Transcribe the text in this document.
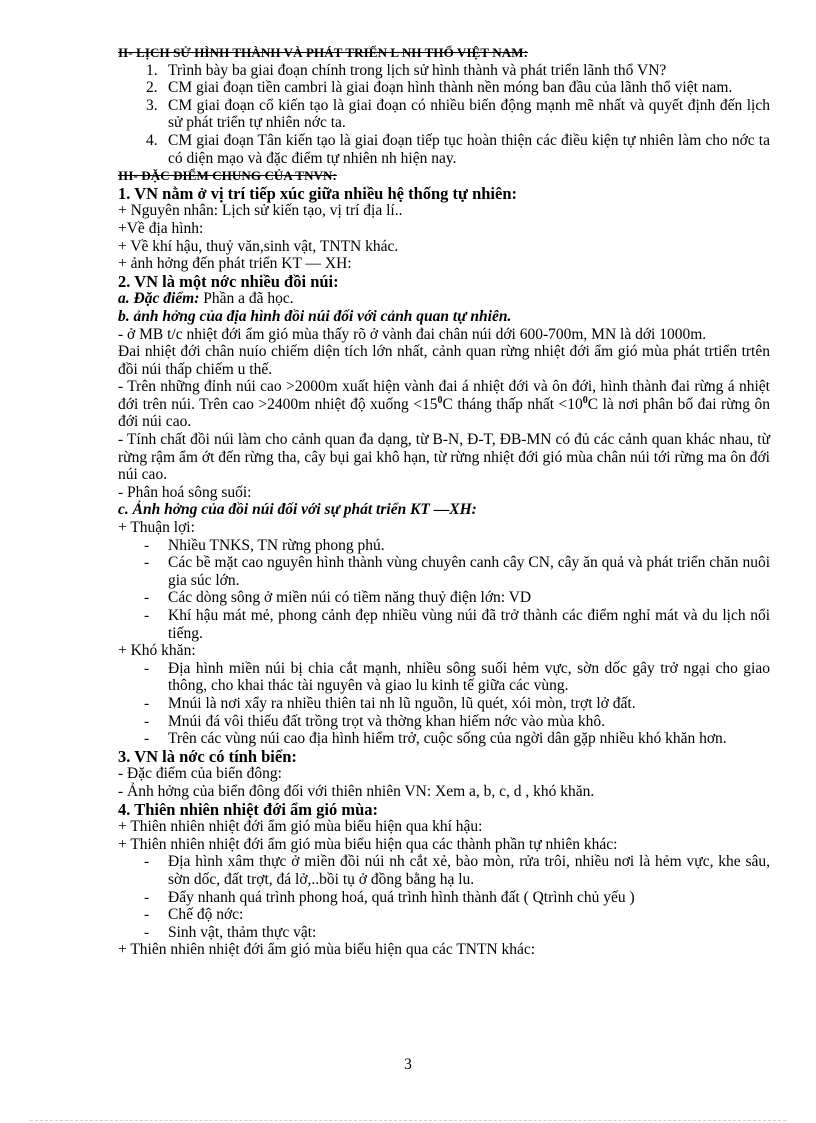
II- LỊCH SỬ HÌNH THÀNH VÀ PHÁT TRIỂN L NH THỔ VIỆT NAM:

1. Trình bày ba giai đoạn chính trong lịch sử hình thành và phát triển lãnh thổ VN?
2. CM giai đoạn tiền cambri là giai đoạn hình thành nền móng ban đầu của lãnh thổ việt nam.
3. CM giai đoạn cổ kiến tạo là giai đoạn có nhiều biến động mạnh mẽ nhất và quyết định đến lịch sử phát triển tự nhiên nớc ta.
4. CM giai đoạn Tân kiến tạo là giai đoạn tiếp tục hoàn thiện các điều kiện tự nhiên làm cho nớc ta có diện mạo và đặc điểm tự nhiên nh hiện nay.

III- ĐẶC ĐIỂM CHUNG CỦA TNVN:

1. VN nằm ở vị trí tiếp xúc giữa nhiều hệ thống tự nhiên:

+ Nguyên nhân: Lịch sử kiến tạo, vị trí địa lí..

+Về địa hình:

+ Về khí hậu, thuỷ văn,sinh vật, TNTN khác.

+ ảnh hởng đến phát triển KT — XH:

2. VN là một nớc nhiều đồi núi:

a. Đặc điểm: Phần a đã học.

b. ảnh hởng của địa hình đồi núi đối với cảnh quan tự nhiên.

- ở MB t/c nhiệt đới ẩm gió mùa thấy rõ ở vành đai chân núi dới 600-700m, MN là dới 1000m.

Đai nhiệt đới chân nuío chiếm diện tích lớn nhất, cảnh quan rừng nhiệt đới ẩm gió mùa phát trtiển trtên đồi núi thấp chiếm u thế.

- Trên những đỉnh núi cao >2000m xuất hiện vành đai á nhiệt đới và ôn đới, hình thành đai rừng á nhiệt đới trên núi. Trên cao >2400m nhiệt độ xuống $<15^0C$ tháng thấp nhất $<10^0C$ là nơi phân bố đai rừng ôn đới núi cao.

- Tính chất đồi núi làm cho cảnh quan đa dạng, từ B-N, Đ-T, ĐB-MN có đủ các cảnh quan khác nhau, từ rừng rậm ẩm ớt đến rừng tha, cây bụi gai khô hạn, từ rừng nhiệt đới gió mùa chân núi tới rừng ma ôn đới núi cao.

- Phân hoá sông suối:

c. Ảnh hởng của đồi núi đối với sự phát triển KT —XH:

+ Thuận lợi:

- Nhiều TNKS, TN rừng phong phú.
- Các bề mặt cao nguyên hình thành vùng chuyên canh cây CN, cây ăn quả và phát triển chăn nuôi gia súc lớn.
- Các dòng sông ở miền núi có tiềm năng thuỷ điện lớn: VD
- Khí hậu mát mẻ, phong cảnh đẹp nhiều vùng núi đã trở thành các điểm nghỉ mát và du lịch nổi tiếng.

+ Khó khăn:

- Địa hình miền núi bị chia cắt mạnh, nhiều sông suối hẻm vực, sờn dốc gây trở ngại cho giao thông, cho khai thác tài nguyên và giao lu kinh tế giữa các vùng.
- Mnúi là nơi xẩy ra nhiều thiên tai nh lũ nguồn, lũ quét, xói mòn, trợt lở đất.
- Mnúi đá vôi thiếu đất trồng trọt và thờng khan hiếm nớc vào mùa khô.
- Trên các vùng núi cao địa hình hiểm trở, cuộc sống của ngời dân gặp nhiều khó khăn hơn.

3. VN là nớc có tính biển:

- Đặc điểm của biển đông:

- Ảnh hởng của biển đông đối với thiên nhiên VN: Xem a, b, c, d , khó khăn.

4. Thiên nhiên nhiệt đới ẩm gió mùa:

+ Thiên nhiên nhiệt đới ẩm gió mùa biểu hiện qua khí hậu:

+ Thiên nhiên nhiệt đới ẩm gió mùa biểu hiện qua các thành phần tự nhiên khác:

- Địa hình xâm thực ở miền đồi núi nh cắt xẻ, bào mòn, rửa trôi, nhiều nơi là hẻm vực, khe sâu, sờn dốc, đất trợt, đá lở,..bồi tụ ở đồng bằng hạ lu.
- Đẩy nhanh quá trình phong hoá, quá trình hình thành đất ( Qtrình chủ yếu )
- Chế độ nớc:
- Sinh vật, thảm thực vật:

+ Thiên nhiên nhiệt đới ẩm gió mùa biểu hiện qua các TNTN khác:

3
